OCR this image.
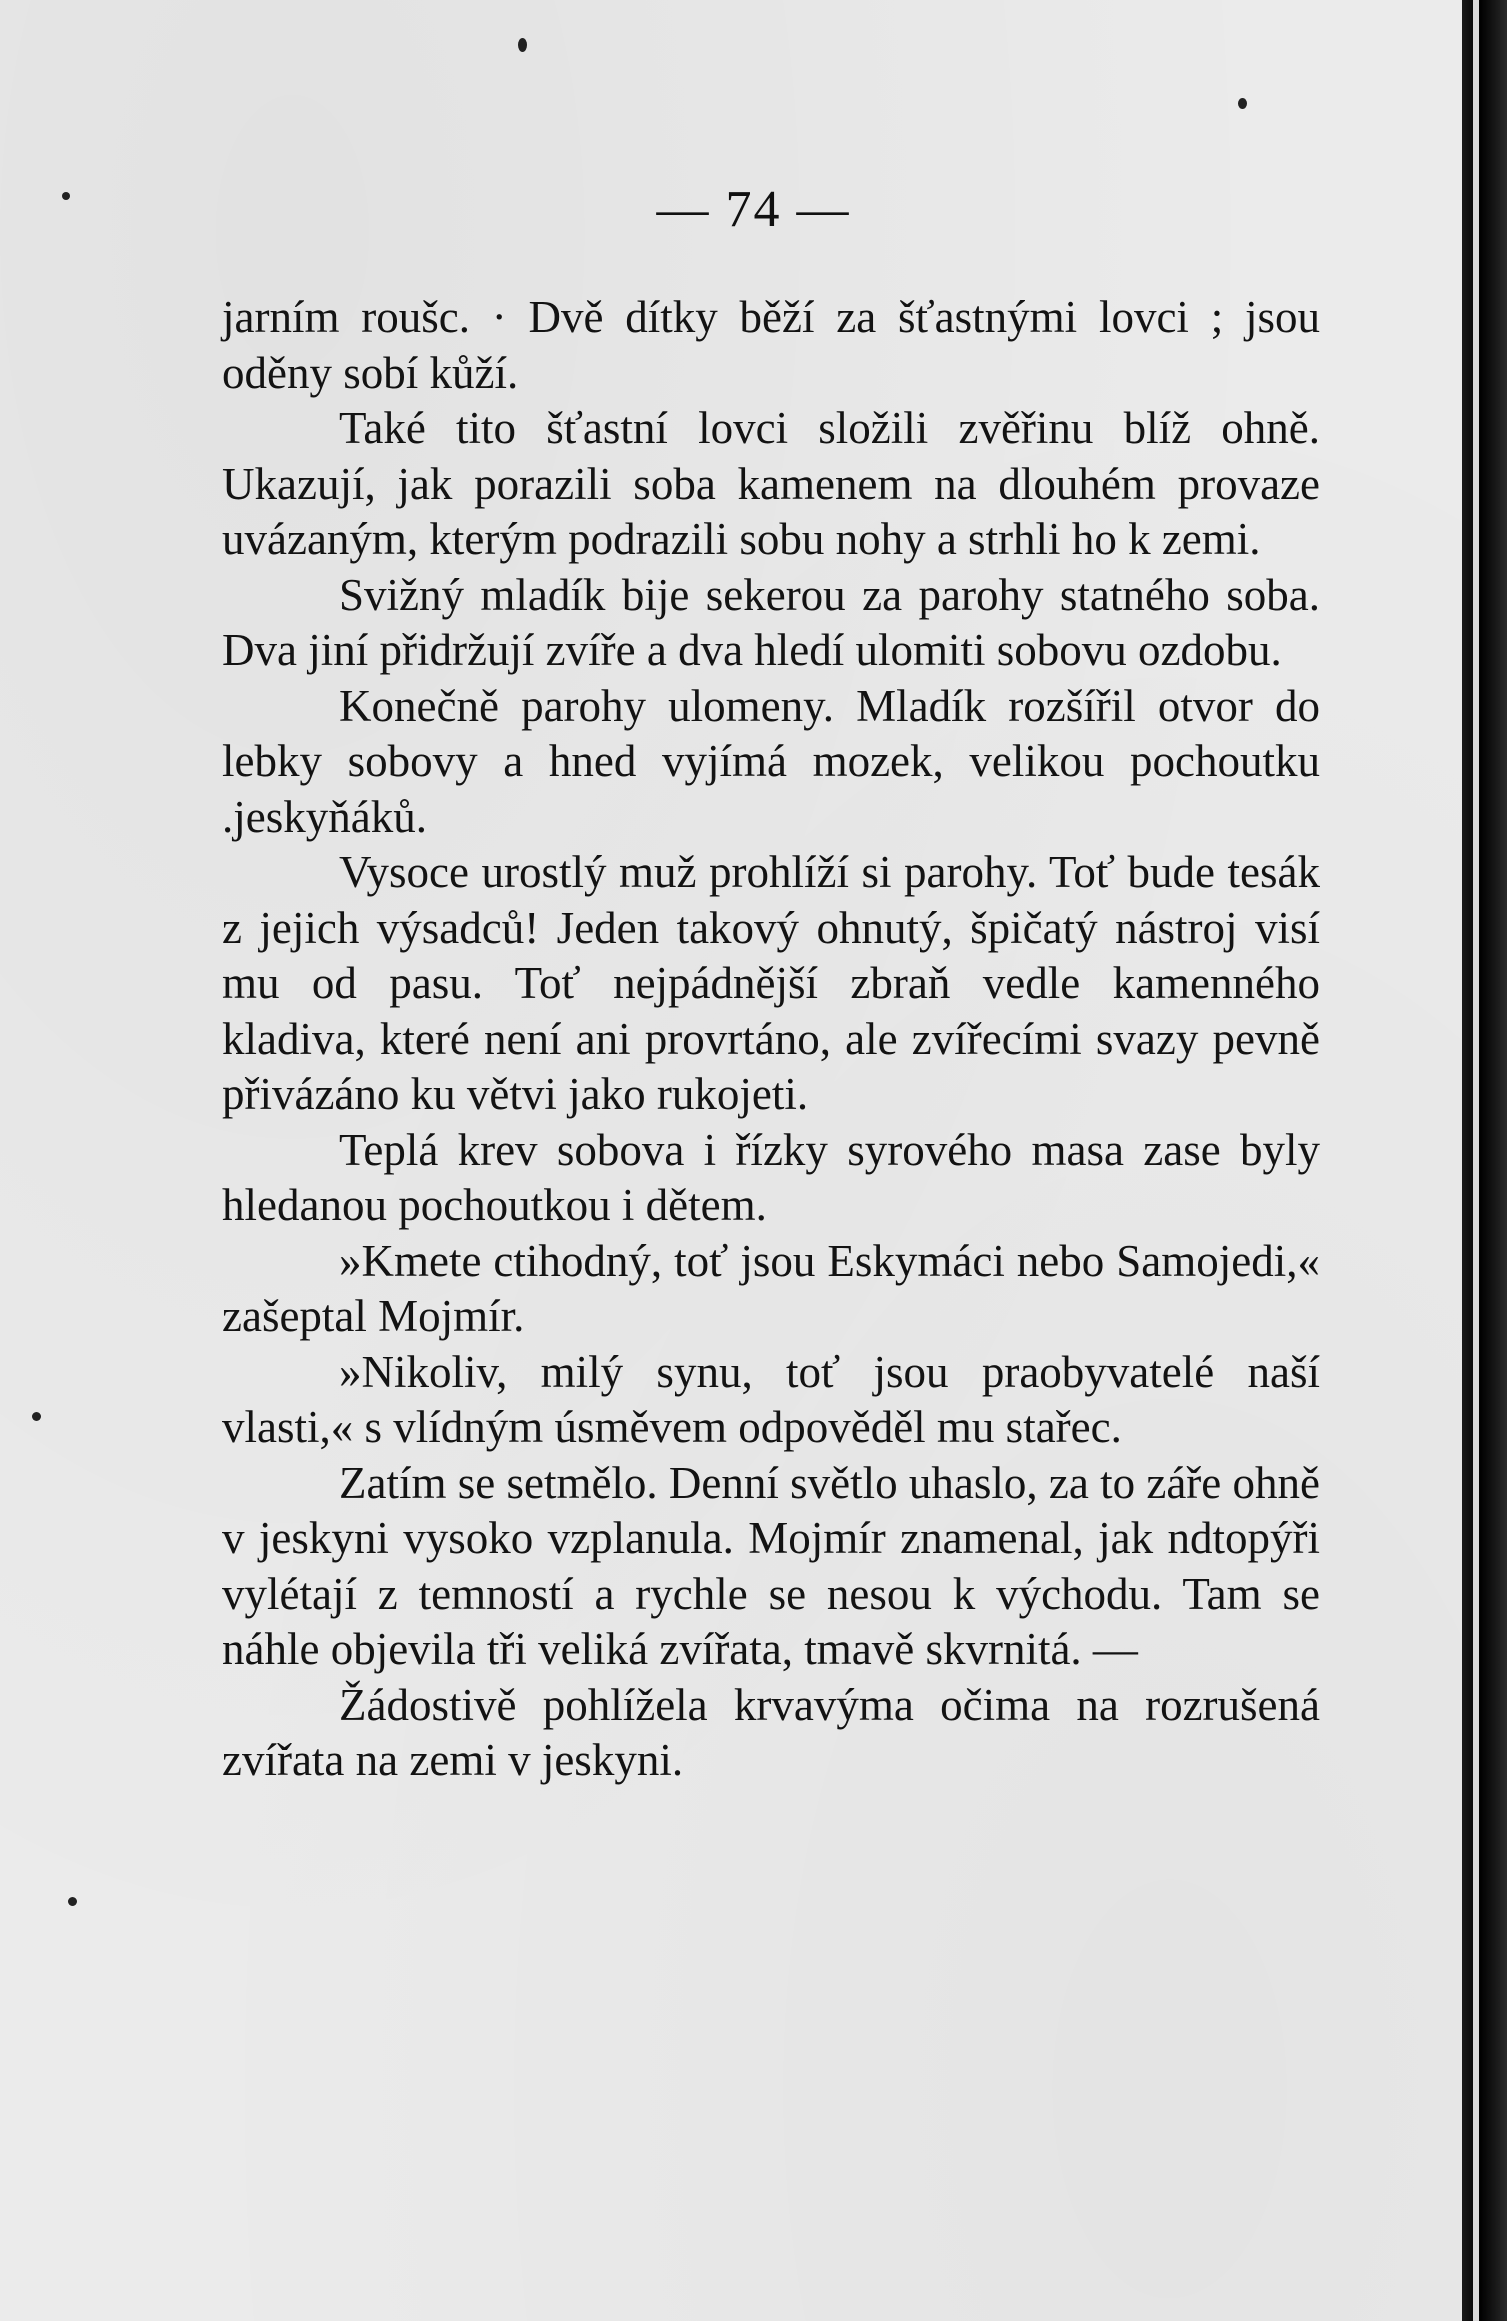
— 74 —

jarním roušc. · Dvě dítky běží za šťastnými lovci ; jsou oděny sobí kůží.

Také tito šťastní lovci složili zvěřinu blíž ohně. Ukazují, jak porazili soba kamenem na dlouhém provaze uvázaným, kterým podrazili sobu nohy a strhli ho k zemi.

Svižný mladík bije sekerou za parohy statného soba. Dva jiní přidržují zvíře a dva hledí ulomiti sobovu ozdobu.

Konečně parohy ulomeny. Mladík rozšířil otvor do lebky sobovy a hned vyjímá mozek, velikou pochoutku .jeskyňáků.

Vysoce urostlý muž prohlíží si parohy. Toť bude tesák z jejich výsadců! Jeden takový ohnutý, špičatý nástroj visí mu od pasu. Toť nejpádnější zbraň vedle kamenného kladiva, které není ani provrtáno, ale zvířecími svazy pevně přivázáno ku větvi jako rukojeti.

Teplá krev sobova i řízky syrového masa zase byly hledanou pochoutkou i dětem.

»Kmete ctihodný, toť jsou Eskymáci nebo Samojedi,« zašeptal Mojmír.

»Nikoliv, milý synu, toť jsou praobyvatelé naší vlasti,« s vlídným úsměvem odpověděl mu stařec.

Zatím se setmělo. Denní světlo uhaslo, za to záře ohně v jeskyni vysoko vzplanula. Mojmír znamenal, jak ndtopýři vylétají z temností a rychle se nesou k východu. Tam se náhle objevila tři veliká zvířata, tmavě skvrnitá. —

Žádostivě pohlížela krvavýma očima na rozrušená zvířata na zemi v jeskyni.
